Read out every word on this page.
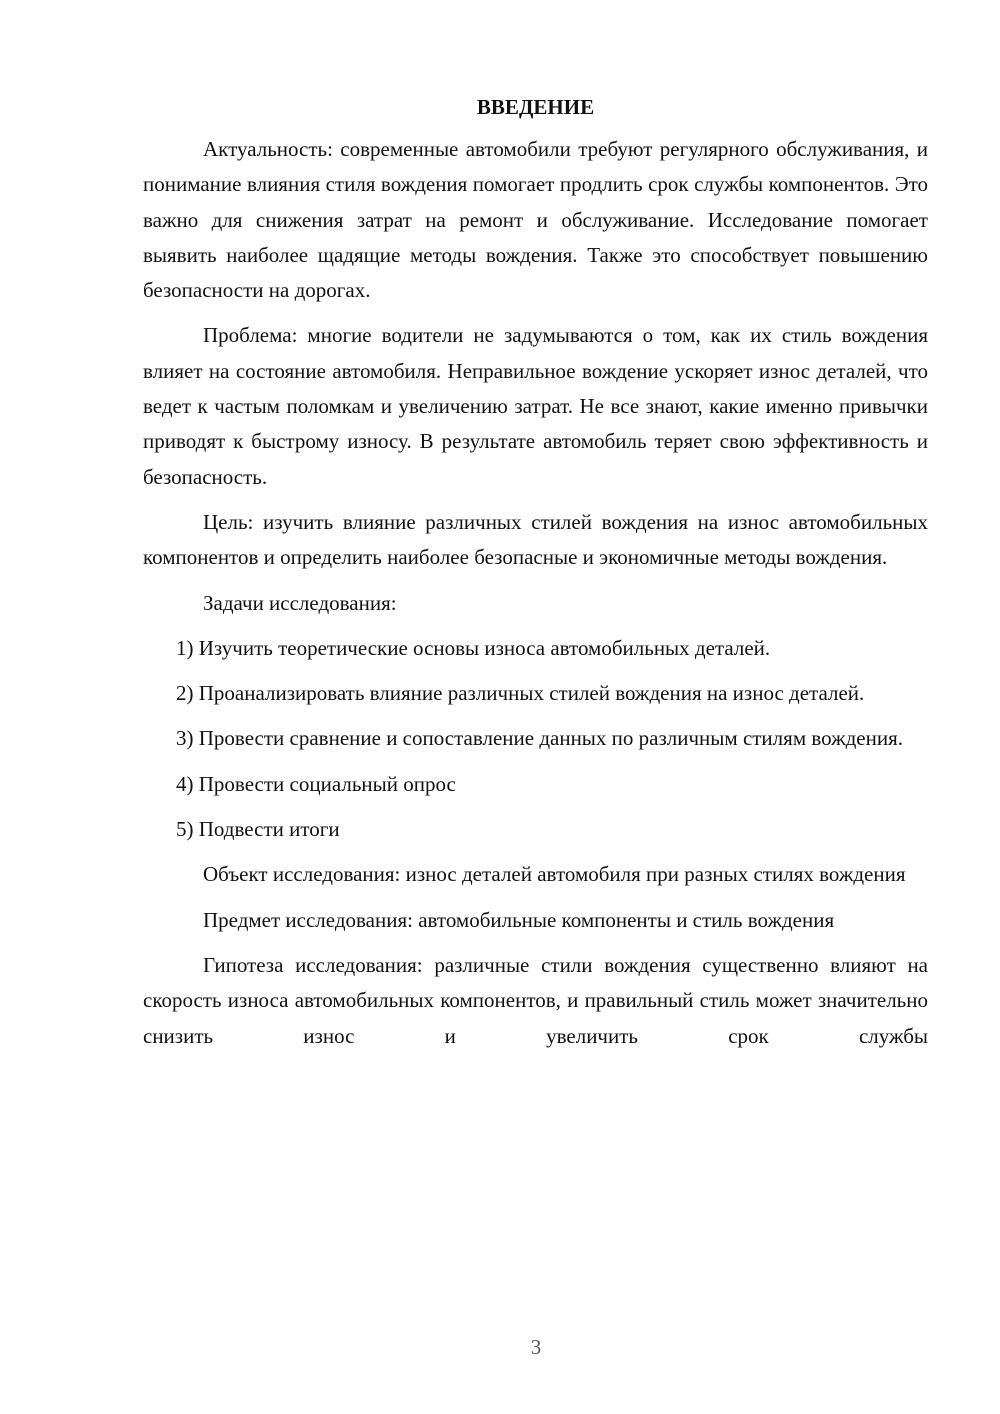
ВВЕДЕНИЕ

Актуальность: современные автомобили требуют регулярного обслуживания, и понимание влияния стиля вождения помогает продлить срок службы компонентов. Это важно для снижения затрат на ремонт и обслуживание. Исследование помогает выявить наиболее щадящие методы вождения. Также это способствует повышению безопасности на дорогах.

Проблема: многие водители не задумываются о том, как их стиль вождения влияет на состояние автомобиля. Неправильное вождение ускоряет износ деталей, что ведет к частым поломкам и увеличению затрат. Не все знают, какие именно привычки приводят к быстрому износу. В результате автомобиль теряет свою эффективность и безопасность.

Цель: изучить влияние различных стилей вождения на износ автомобильных компонентов и определить наиболее безопасные и экономичные методы вождения.

Задачи исследования:

1) Изучить теоретические основы износа автомобильных деталей.

2) Проанализировать влияние различных стилей вождения на износ деталей.

3) Провести сравнение и сопоставление данных по различным стилям вождения.

4) Провести социальный опрос

5) Подвести итоги

Объект исследования: износ деталей автомобиля при разных стилях вождения

Предмет исследования: автомобильные компоненты и стиль вождения

Гипотеза исследования: различные стили вождения существенно влияют на скорость износа автомобильных компонентов, и правильный стиль может значительно снизить износ и увеличить срок службы

3
